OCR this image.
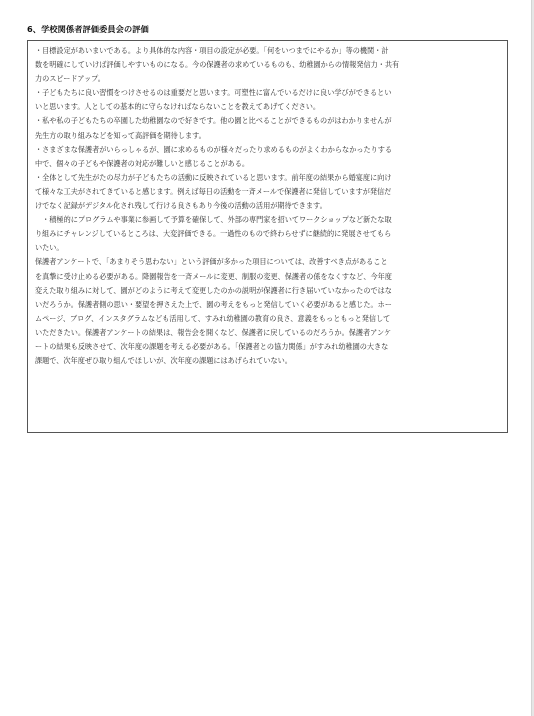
6、学校関係者評価委員会の評価
・目標設定があいまいである。より具体的な内容・項目の設定が必要。「何をいつまでにやるか」等の機関・計
数を明確にしていけば評価しやすいものになる。今の保護者の求めているものも、幼稚園からの情報発信力・共有
力のスピードアップ。
・子どもたちに良い習慣をつけさせるのは重要だと思います。可塑性に富んでいるだけに良い学びができるとい
いと思います。人としての基本的に守らなければならないことを教えてあげてください。
・私や私の子どもたちの卒園した幼稚園なので好きです。他の園と比べることができるものがはわかりませんが
先生方の取り組みなどを知って高評価を期待します。
・さまざまな保護者がいらっしゃるが、園に求めるものが様々だったり求めるものがよくわからなかったりする
中で、個々の子どもや保護者の対応が難しいと感じることがある。
・全体として先生がたの尽力が子どもたちの活動に反映されていると思います。前年度の結果から婚宴度に向け
て様々な工夫がされてきていると感じます。例えば毎日の活動を一斉メールで保護者に発信していますが発信だ
けでなく記録がデジタル化され残して行ける良さもあり今後の活動の活用が期待できます。
　・積極的にプログラムや事業に参画して予算を確保して、外部の専門家を招いてワークショップなど新たな取
り組みにチャレンジしているところは、大変評価できる。一過性のもので終わらせずに継続的に発展させてもら
いたい。
保護者アンケートで、「あまりそう思わない」という評価が多かった項目については、改善すべき点があること
を真摯に受け止める必要がある。降園報告を一斉メールに変更、制服の変更、保護者の係をなくすなど、今年度
変えた取り組みに対して、園がどのように考えて変更したのかの説明が保護者に行き届いていなかったのではな
いだろうか。保護者側の思い・要望を押さえた上で、園の考えをもっと発信していく必要があると感じた。ホー
ムページ、ブログ、インスタグラムなども活用して、すみれ幼稚園の教育の良さ、意義をもっともっと発信して
いただきたい。保護者アンケートの結果は、報告会を開くなど、保護者に戻しているのだろうか。保護者アンケ
ートの結果も反映させて、次年度の課題を考える必要がある。「保護者との協力関係」がすみれ幼稚園の大きな
課題で、次年度ぜひ取り組んでほしいが、次年度の課題にはあげられていない。
